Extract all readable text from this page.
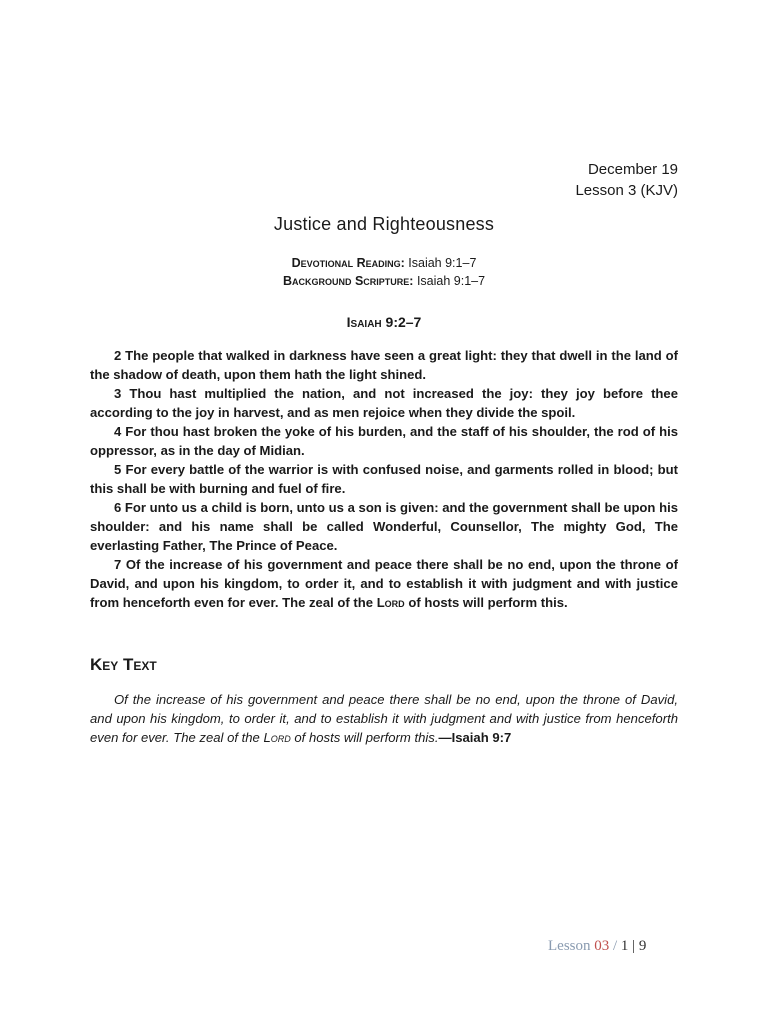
December 19
Lesson 3 (KJV)
Justice and Righteousness
Devotional Reading: Isaiah 9:1–7
Background Scripture: Isaiah 9:1–7
Isaiah 9:2–7

2 The people that walked in darkness have seen a great light: they that dwell in the land of the shadow of death, upon them hath the light shined.

3 Thou hast multiplied the nation, and not increased the joy: they joy before thee according to the joy in harvest, and as men rejoice when they divide the spoil.

4 For thou hast broken the yoke of his burden, and the staff of his shoulder, the rod of his oppressor, as in the day of Midian.

5 For every battle of the warrior is with confused noise, and garments rolled in blood; but this shall be with burning and fuel of fire.

6 For unto us a child is born, unto us a son is given: and the government shall be upon his shoulder: and his name shall be called Wonderful, Counsellor, The mighty God, The everlasting Father, The Prince of Peace.

7 Of the increase of his government and peace there shall be no end, upon the throne of David, and upon his kingdom, to order it, and to establish it with judgment and with justice from henceforth even for ever. The zeal of the Lord of hosts will perform this.

Key Text

Of the increase of his government and peace there shall be no end, upon the throne of David, and upon his kingdom, to order it, and to establish it with judgment and with justice from henceforth even for ever. The zeal of the Lord of hosts will perform this.—Isaiah 9:7

Lesson 03 / 1 | 9
